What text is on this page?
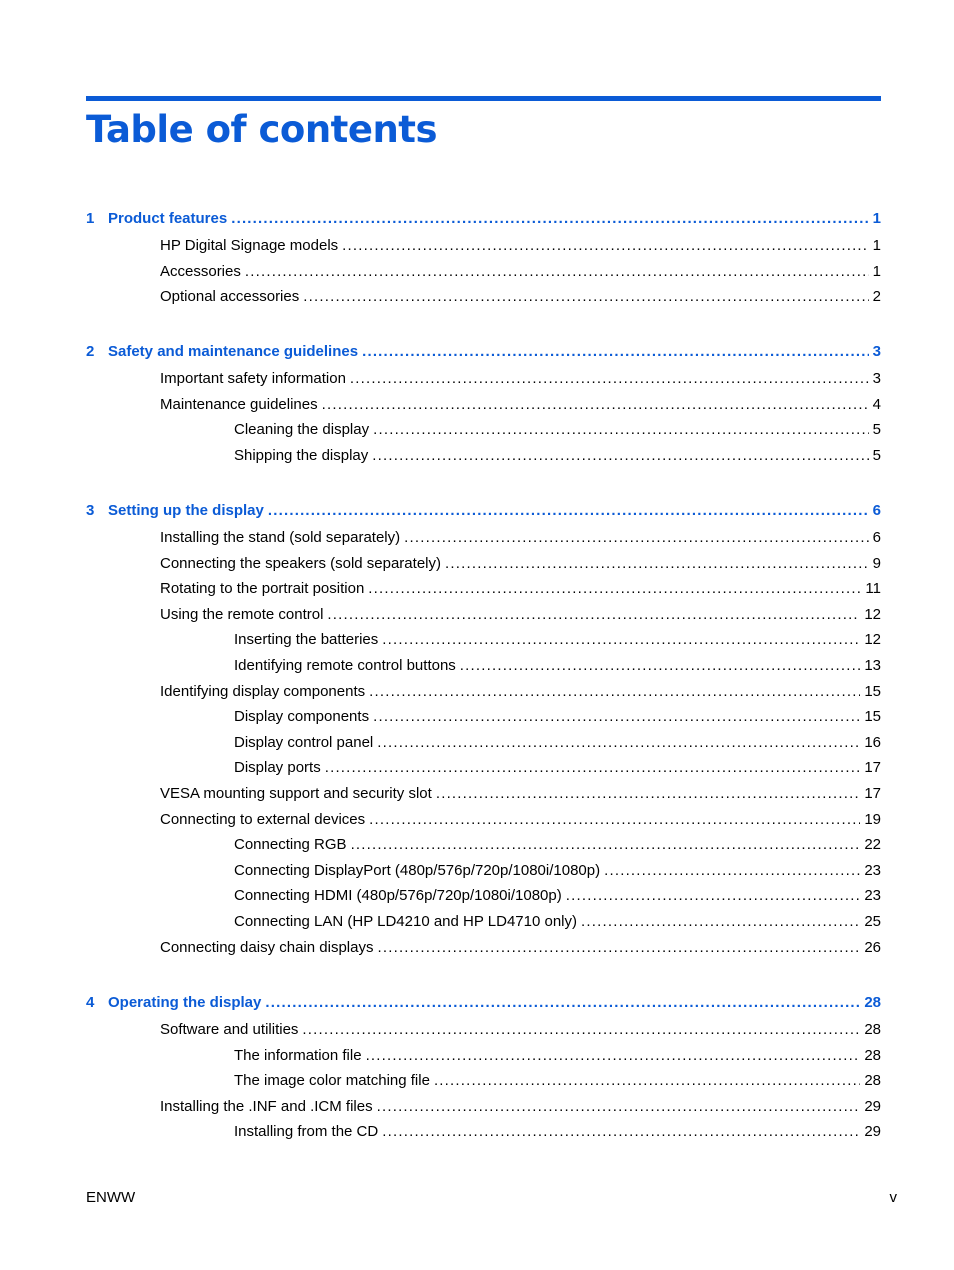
Table of contents
1 Product features .....	1
HP Digital Signage models .....	1
Accessories .....	1
Optional accessories .....	2
2 Safety and maintenance guidelines .....	3
Important safety information .....	3
Maintenance guidelines .....	4
Cleaning the display .....	5
Shipping the display .....	5
3 Setting up the display .....	6
Installing the stand (sold separately) .....	6
Connecting the speakers (sold separately) .....	9
Rotating to the portrait position .....	11
Using the remote control .....	12
Inserting the batteries .....	12
Identifying remote control buttons .....	13
Identifying display components .....	15
Display components .....	15
Display control panel .....	16
Display ports .....	17
VESA mounting support and security slot .....	17
Connecting to external devices .....	19
Connecting RGB .....	22
Connecting DisplayPort (480p/576p/720p/1080i/1080p) .....	23
Connecting HDMI (480p/576p/720p/1080i/1080p) .....	23
Connecting LAN (HP LD4210 and HP LD4710 only) .....	25
Connecting daisy chain displays .....	26
4 Operating the display .....	28
Software and utilities .....	28
The information file .....	28
The image color matching file .....	28
Installing the .INF and .ICM files .....	29
Installing from the CD .....	29
ENWW	v
